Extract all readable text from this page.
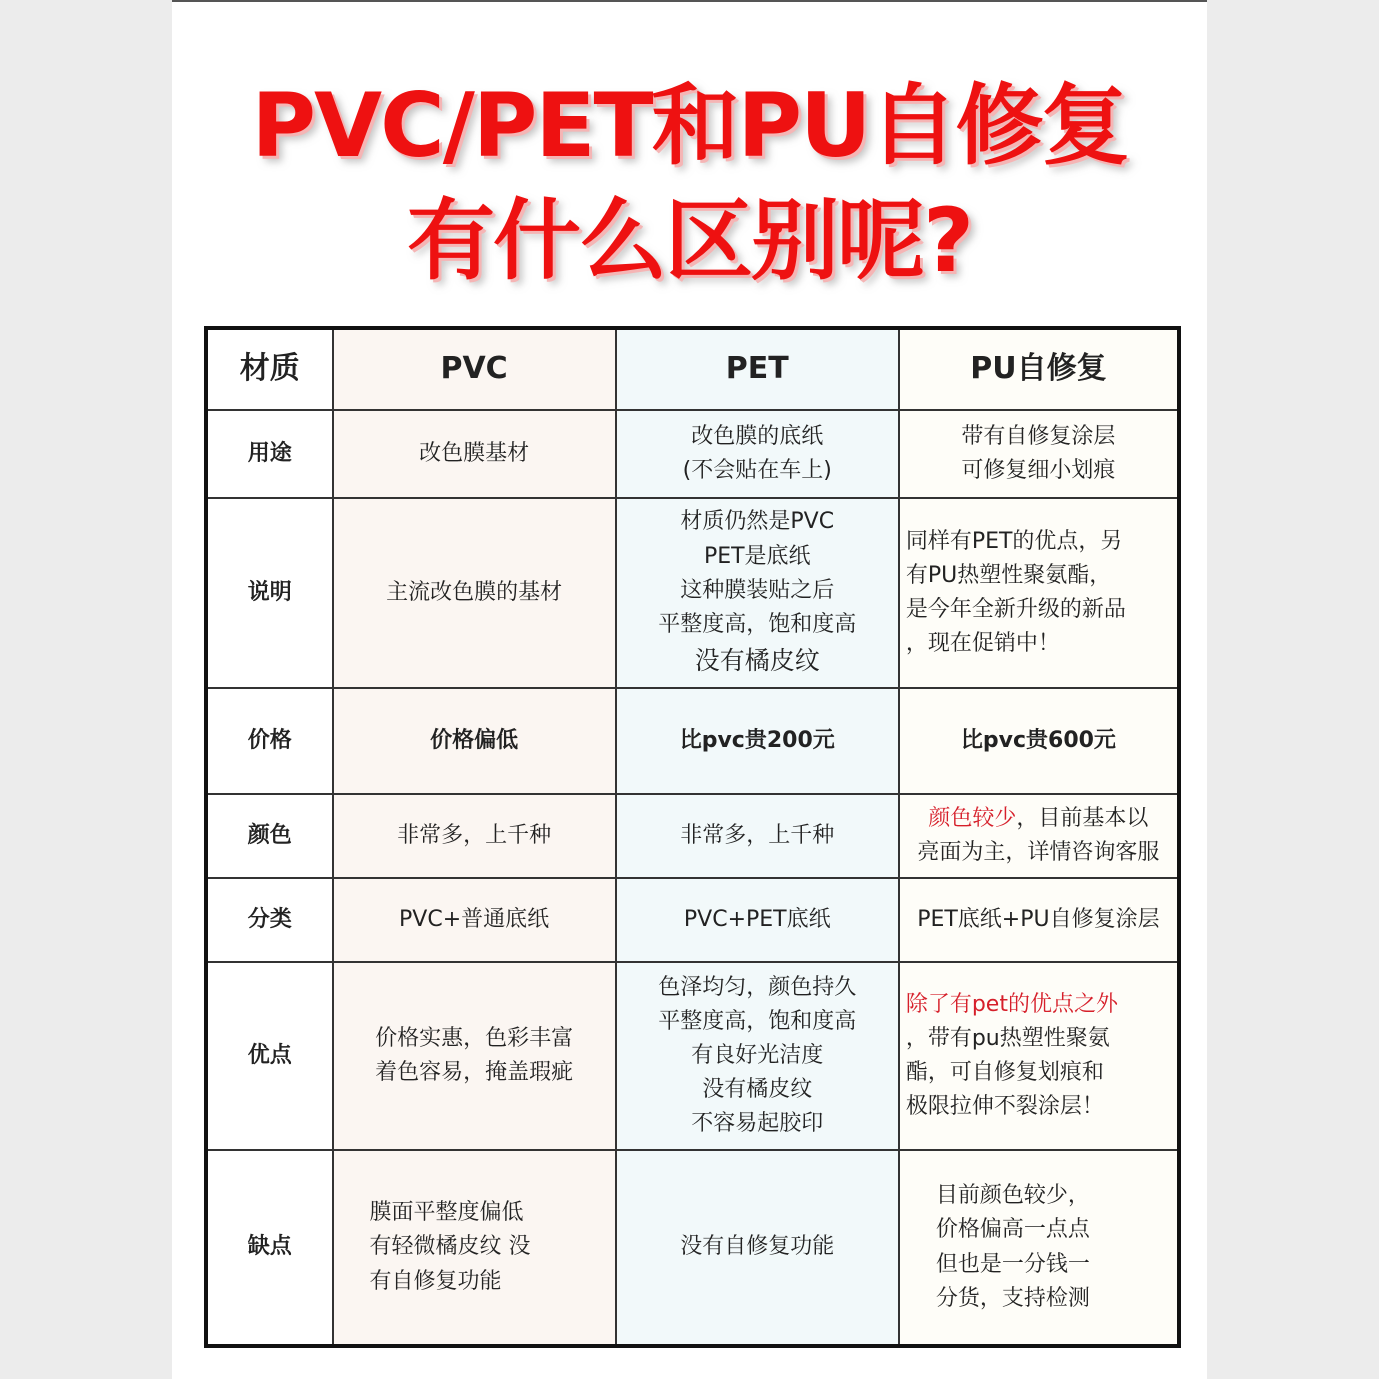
PVC/PET和PU自修复
有什么区别呢?
材质	PVC	PET	PU自修复
用途	改色膜基材	改色膜的底纸
(不会贴在车上)	带有自修复涂层
可修复细小划痕

说明	主流改色膜的基材	材质仍然是PVC
PET是底纸
这种膜装贴之后
平整度高，饱和度高
没有橘皮纹	同样有PET的优点，另
有PU热塑性聚氨酯，
是今年全新升级的新品
，现在促销中！

价格	价格偏低	比pvc贵200元	比pvc贵600元

颜色	非常多，上千种	非常多，上千种	颜色较少，目前基本以
亮面为主，详情咨询客服

分类	PVC+普通底纸	PVC+PET底纸	PET底纸+PU自修复涂层

优点	价格实惠，色彩丰富
着色容易，掩盖瑕疵	色泽均匀，颜色持久
平整度高，饱和度高
有良好光洁度
没有橘皮纹
不容易起胶印	除了有pet的优点之外
，带有pu热塑性聚氨
酯，可自修复划痕和
极限拉伸不裂涂层！

缺点	膜面平整度偏低
有轻微橘皮纹 没
有自修复功能	没有自修复功能	目前颜色较少，
价格偏高一点点
但也是一分钱一
分货，支持检测
